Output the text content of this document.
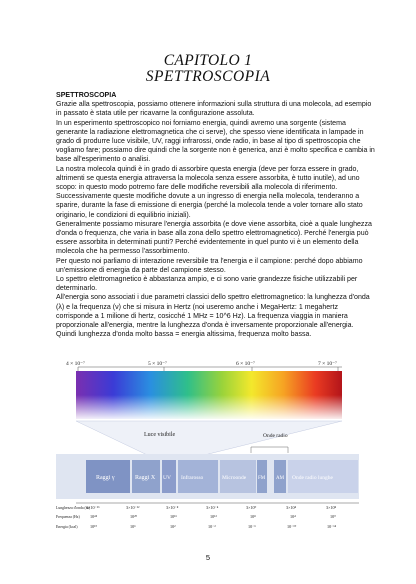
CAPITOLO 1
SPETTROSCOPIA

SPETTROSCOPIA

Grazie alla spettroscopia, possiamo ottenere informazioni sulla struttura di una molecola, ad esempio in passato è stata utile per ricavarne la configurazione assoluta.

In un esperimento spettroscopico noi forniamo energia, quindi avremo una sorgente (sistema generante la radiazione elettromagnetica che ci serve), che spesso viene identificata in lampade in grado di produrre luce visibile, UV, raggi infrarossi, onde radio, in base al tipo di spettroscopia che vogliamo fare; possiamo dire quindi che la sorgente non è generica, anzi è molto specifica e cambia in base all'esperimento o analisi.

La nostra molecola quindi è in grado di assorbire questa energia (deve per forza essere in grado, altrimenti se questa energia attraversa la molecola senza essere assorbita, è tutto inutile), ad uno scopo: in questo modo potremo fare delle modifiche reversibili alla molecola di riferimento. Successivamente queste modifiche dovute a un ingresso di energia nella molecola, tenderanno a sparire, durante la fase di emissione di energia (perché la molecola tende a voler tornare allo stato originario, le condizioni di equilibrio iniziali).

Generalmente possiamo misurare l'energia assorbita (e dove viene assorbita, cioè a quale lunghezza d'onda o frequenza, che varia in base alla zona dello spettro elettromagnetico). Perché l'energia può essere assorbita in determinati punti? Perché evidentemente in quel punto vi è un elemento della molecola che ha permesso l'assorbimento.

Per questo noi parliamo di interazione reversibile tra l'energia e il campione: perché dopo abbiamo un'emissione di energia da parte del campione stesso.

Lo spettro elettromagnetico è abbastanza ampio, e ci sono varie grandezze fisiche utilizzabili per determinarlo.

All'energia sono associati i due parametri classici dello spettro elettromagnetico: la lunghezza d'onda (λ) e la frequenza (ν) che si misura in Hertz (noi useremo anche i MegaHertz: 1 megahertz corrisponde a 1 milione di hertz, cosicché 1 MHz = 10^6 Hz). La frequenza viaggia in maniera proporzionale all'energia, mentre la lunghezza d'onda è inversamente proporzionale all'energia.

Quindi lunghezza d'onda molto bassa = energia altissima, frequenza molto bassa.

4 × 10⁻⁷	5 × 10⁻⁷	6 × 10⁻⁷	7 × 10⁻⁷
Luce visibile	Onde radio
Raggi γ	Raggi X UV Infrarosso	Microonde FM AM Onde radio lunghe
Lunghezza d'onda (m)
Frequenza (Hz)
Energia (kcal)
3×10⁻¹⁶	3×10⁻¹²	3×10⁻⁸	3×10⁻⁴	3×10⁰	3×10⁴	3×10⁸
10²⁴	10²⁰	10¹⁶	10¹²	10⁸	10⁴	10⁰
10¹⁰	10⁶	10²	10⁻²	10⁻⁶	10⁻¹⁰	10⁻¹⁴
5
